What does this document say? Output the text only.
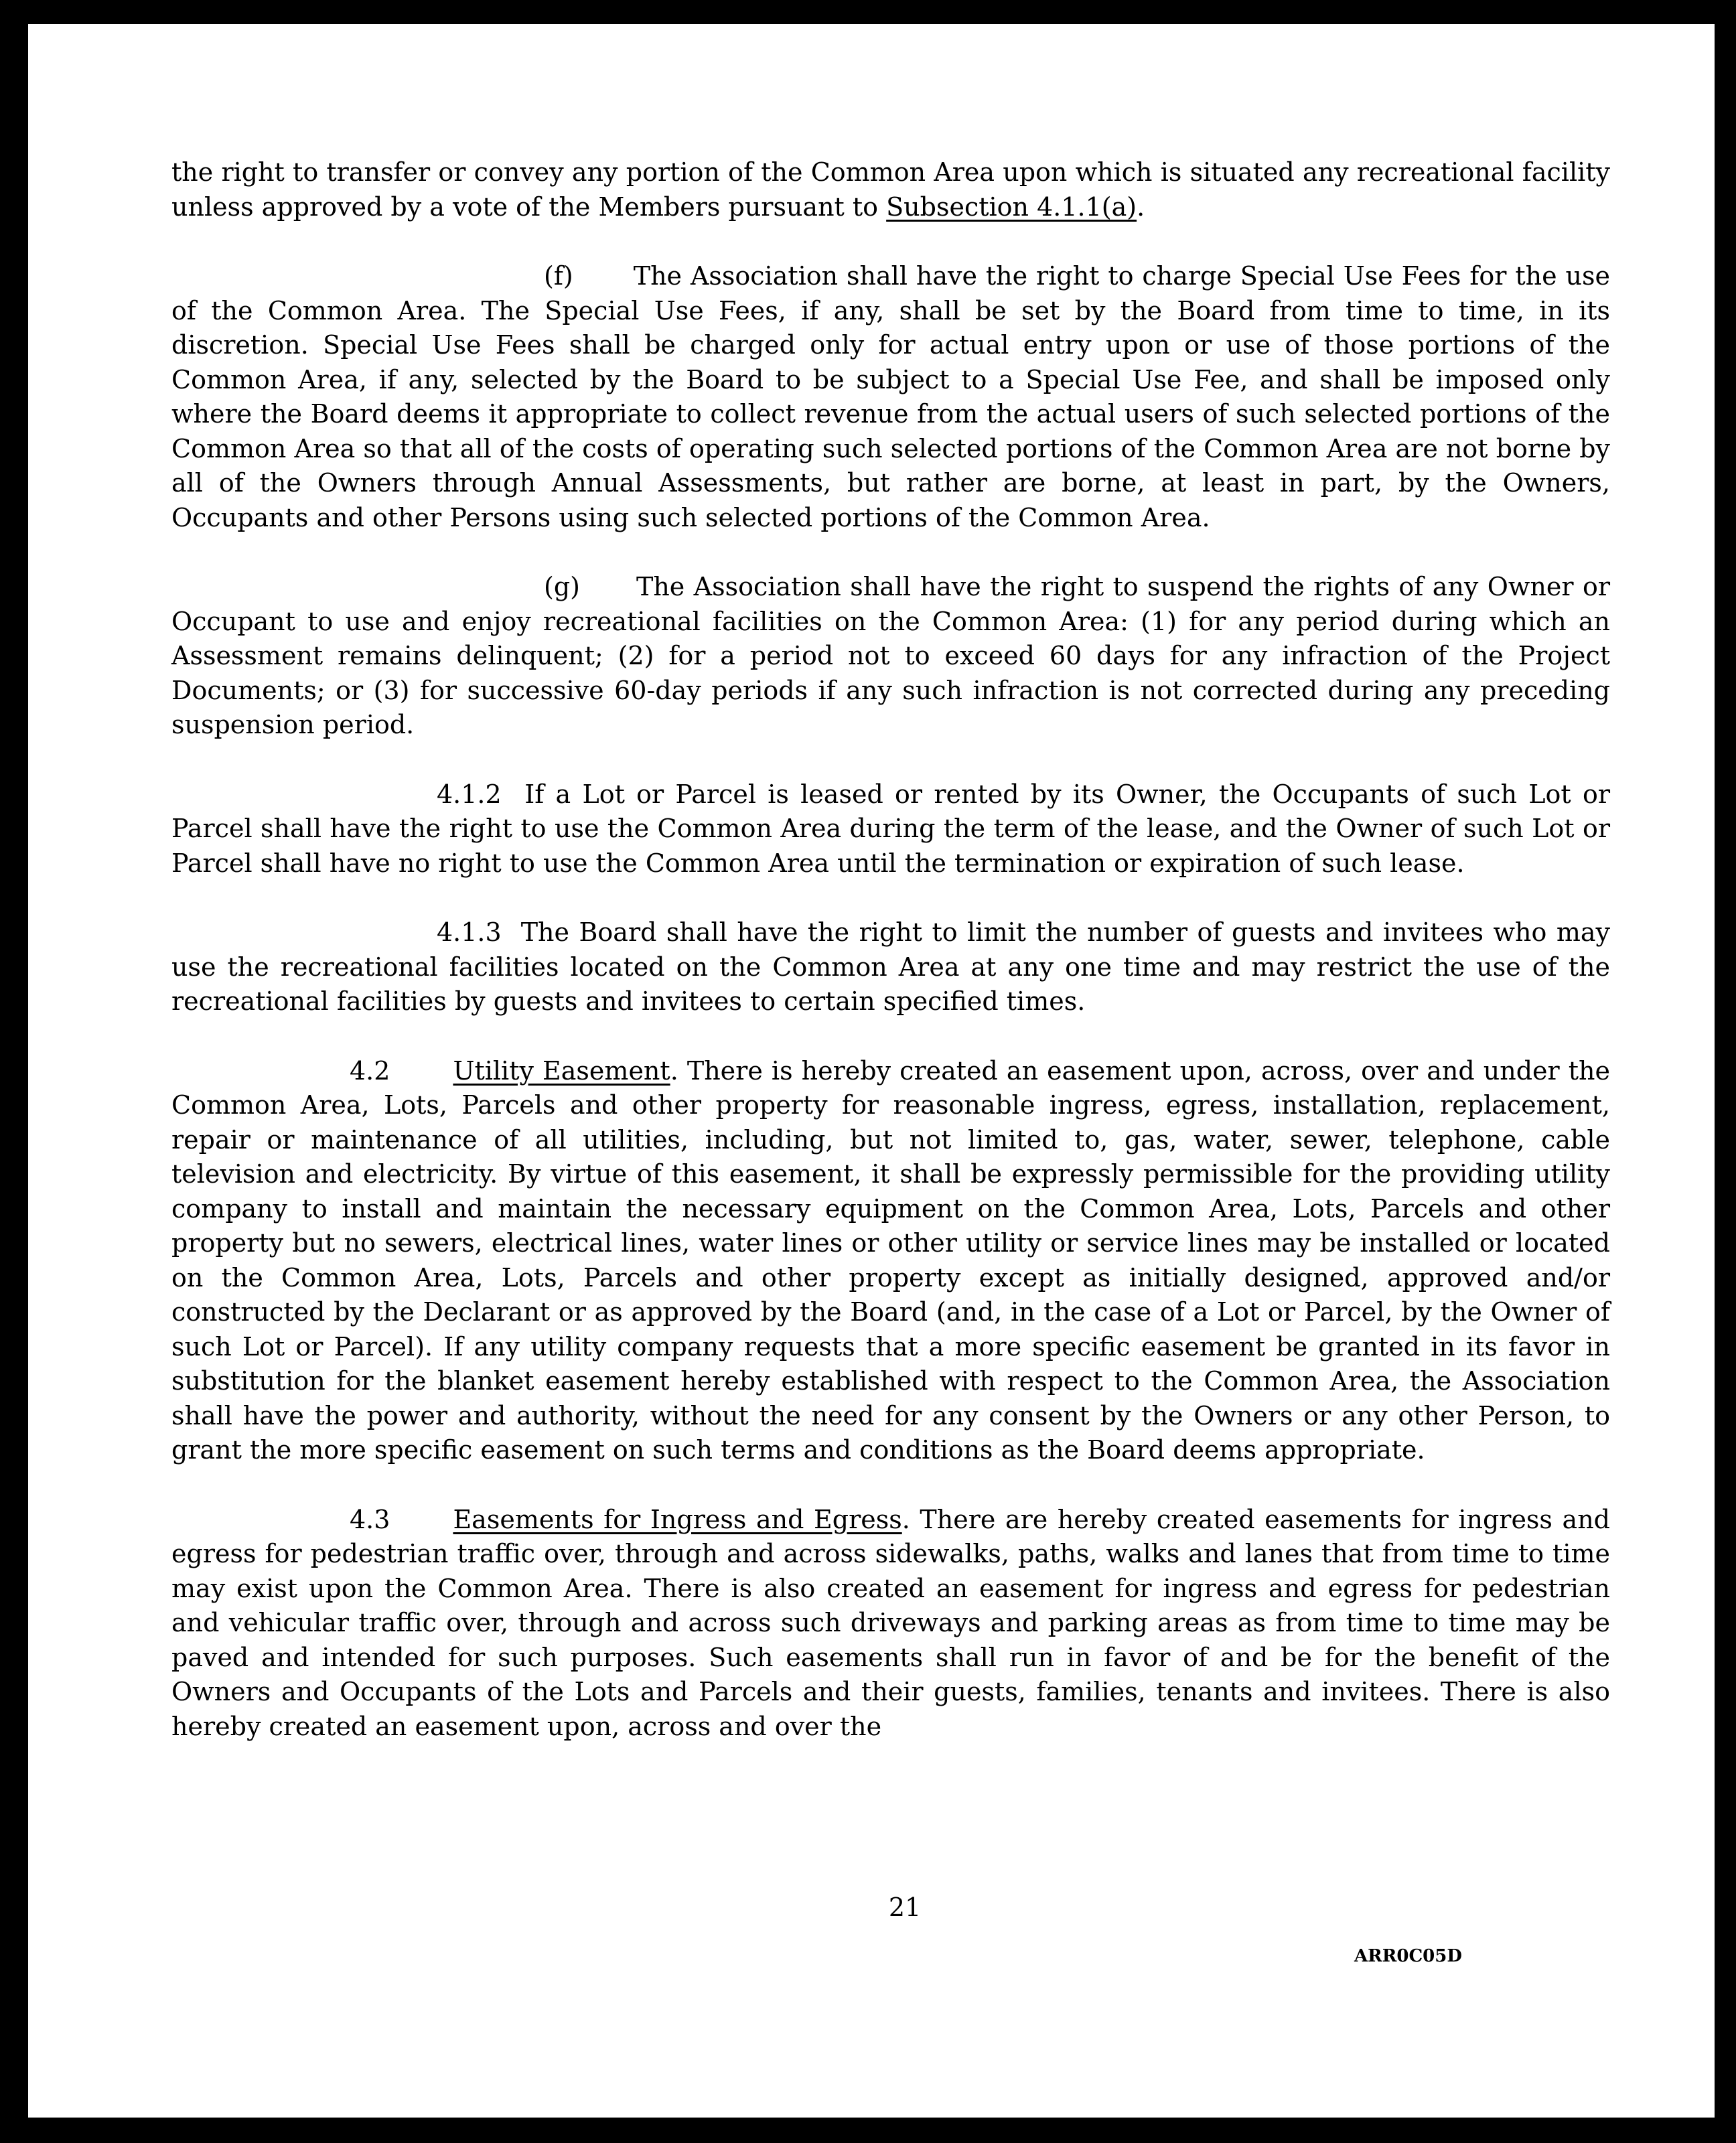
the right to transfer or convey any portion of the Common Area upon which is situated any recreational facility unless approved by a vote of the Members pursuant to Subsection 4.1.1(a).

(f) The Association shall have the right to charge Special Use Fees for the use of the Common Area. The Special Use Fees, if any, shall be set by the Board from time to time, in its discretion. Special Use Fees shall be charged only for actual entry upon or use of those portions of the Common Area, if any, selected by the Board to be subject to a Special Use Fee, and shall be imposed only where the Board deems it appropriate to collect revenue from the actual users of such selected portions of the Common Area so that all of the costs of operating such selected portions of the Common Area are not borne by all of the Owners through Annual Assessments, but rather are borne, at least in part, by the Owners, Occupants and other Persons using such selected portions of the Common Area.

(g) The Association shall have the right to suspend the rights of any Owner or Occupant to use and enjoy recreational facilities on the Common Area: (1) for any period during which an Assessment remains delinquent; (2) for a period not to exceed 60 days for any infraction of the Project Documents; or (3) for successive 60-day periods if any such infraction is not corrected during any preceding suspension period.

4.1.2 If a Lot or Parcel is leased or rented by its Owner, the Occupants of such Lot or Parcel shall have the right to use the Common Area during the term of the lease, and the Owner of such Lot or Parcel shall have no right to use the Common Area until the termination or expiration of such lease.

4.1.3 The Board shall have the right to limit the number of guests and invitees who may use the recreational facilities located on the Common Area at any one time and may restrict the use of the recreational facilities by guests and invitees to certain specified times.

4.2 Utility Easement. There is hereby created an easement upon, across, over and under the Common Area, Lots, Parcels and other property for reasonable ingress, egress, installation, replacement, repair or maintenance of all utilities, including, but not limited to, gas, water, sewer, telephone, cable television and electricity. By virtue of this easement, it shall be expressly permissible for the providing utility company to install and maintain the necessary equipment on the Common Area, Lots, Parcels and other property but no sewers, electrical lines, water lines or other utility or service lines may be installed or located on the Common Area, Lots, Parcels and other property except as initially designed, approved and/or constructed by the Declarant or as approved by the Board (and, in the case of a Lot or Parcel, by the Owner of such Lot or Parcel). If any utility company requests that a more specific easement be granted in its favor in substitution for the blanket easement hereby established with respect to the Common Area, the Association shall have the power and authority, without the need for any consent by the Owners or any other Person, to grant the more specific easement on such terms and conditions as the Board deems appropriate.

4.3 Easements for Ingress and Egress. There are hereby created easements for ingress and egress for pedestrian traffic over, through and across sidewalks, paths, walks and lanes that from time to time may exist upon the Common Area. There is also created an easement for ingress and egress for pedestrian and vehicular traffic over, through and across such driveways and parking areas as from time to time may be paved and intended for such purposes. Such easements shall run in favor of and be for the benefit of the Owners and Occupants of the Lots and Parcels and their guests, families, tenants and invitees. There is also hereby created an easement upon, across and over the

21
ARR0C05D
